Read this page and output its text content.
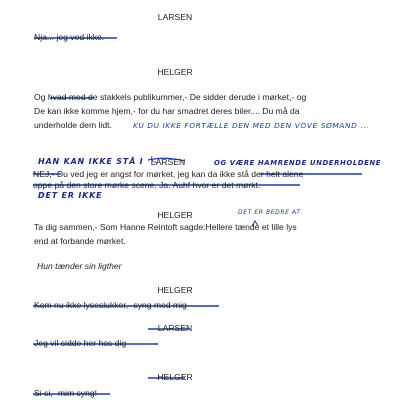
LARSEN
Nja... jeg ved ikke.
HELGER
Og hvad med de stakkels publikummer,- De sidder derude i mørket,- og
De kan ikke komme hjem,- for du har smadret deres biler.... Du må da
underholde dem lidt.	KU DU IKKE FORTÆLLE DEN MED DEN VOVE SØMAND ...
HAN KAN IKKE STÅ I	OG VÆRE HAMRENDE UNDERHOLDENE
LARSEN
NEJ,- Du ved jeg er angst for mørket, jeg kan da ikke stå der helt alene
oppe på den store mørke scene. Ja. Auhf hvor er det mørkt.
DET ER IKKE
DET ER BEDRE AT
HELGER
Ta dig sammen,- Som Hanne Reintoft sagde:Hellere tænde et lille lys
end at forbande mørket.
Hun tænder sin ligther
HELGER
Kom nu ikke lyseslukker,- syng med mig
LARSEN
Jeg vil sidde her hos dig
HELGER
Si si,- mim syng!
